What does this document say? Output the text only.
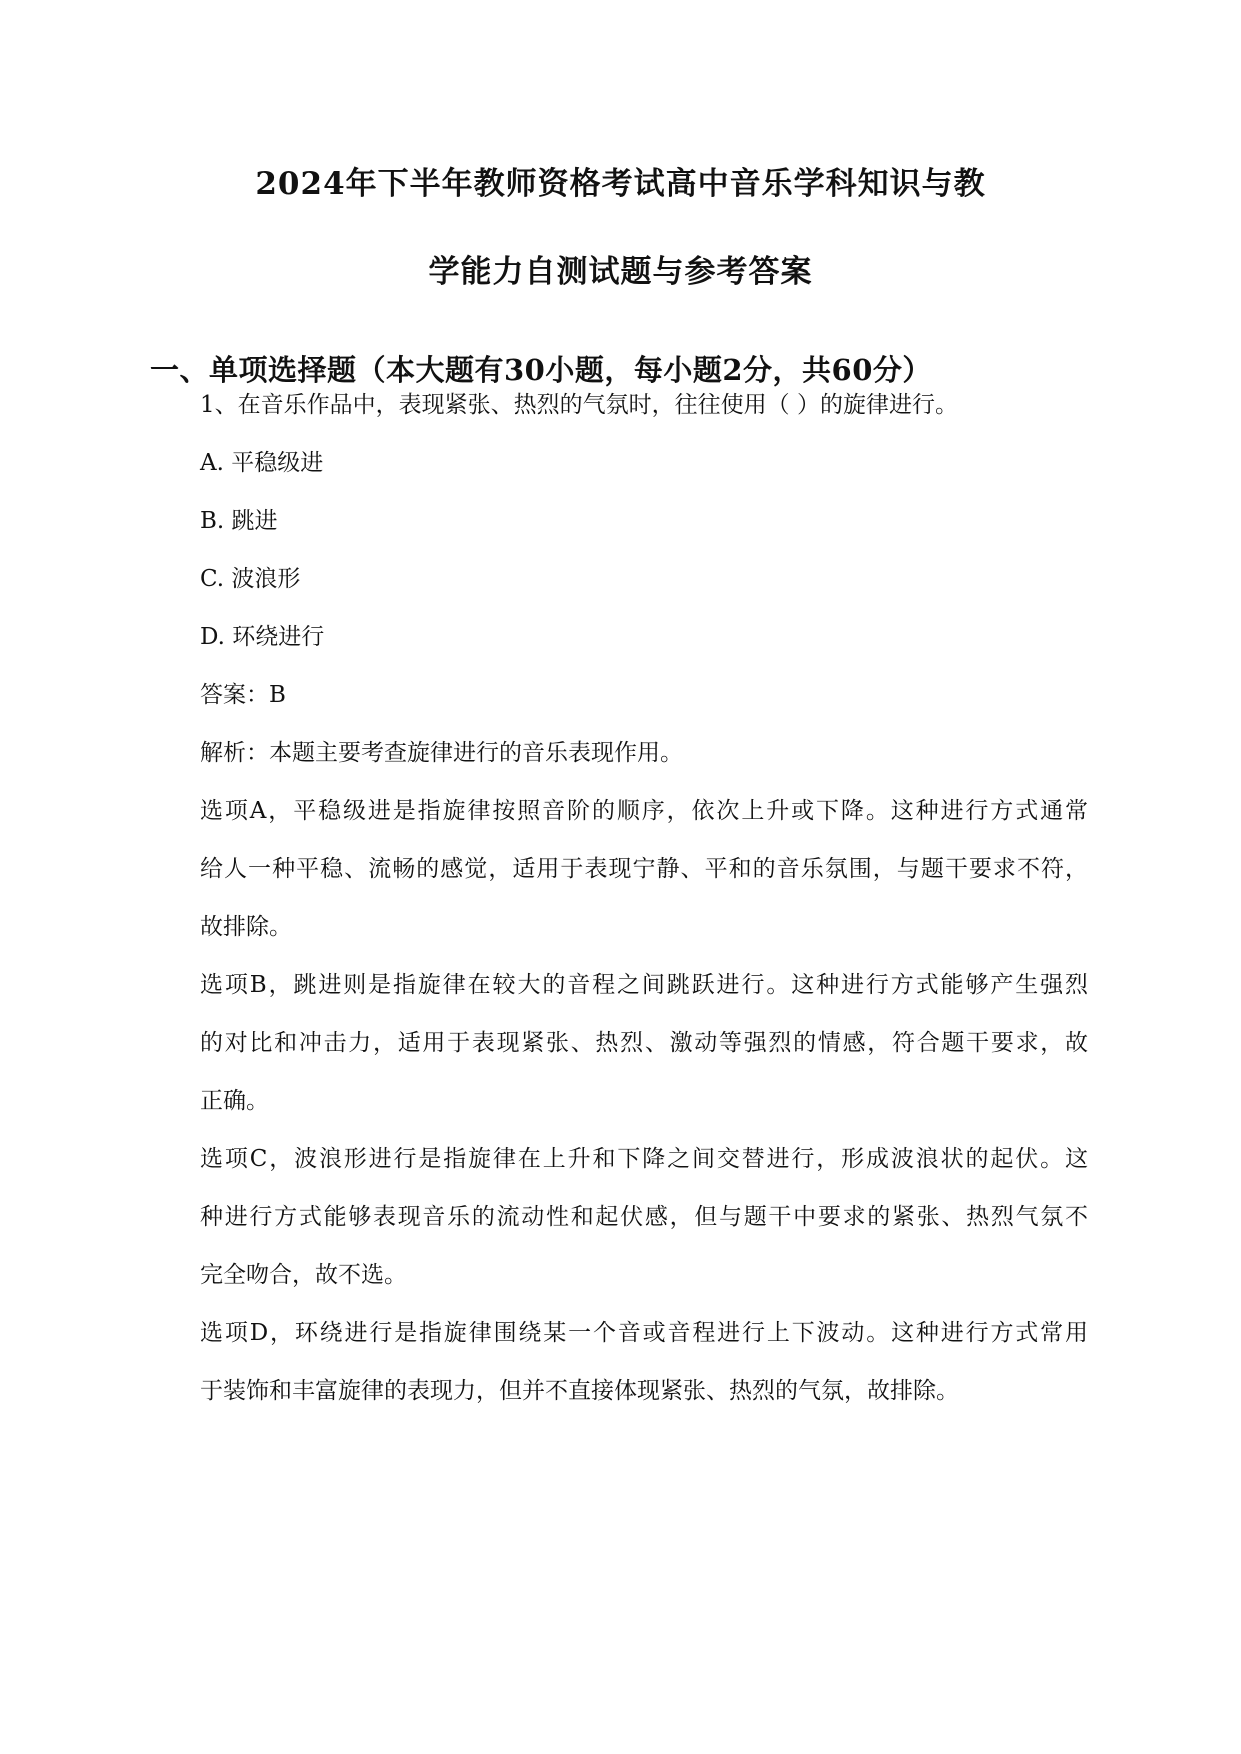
2024年下半年教师资格考试高中音乐学科知识与教
学能力自测试题与参考答案
一、单项选择题（本大题有30小题，每小题2分，共60分）
1、在音乐作品中，表现紧张、热烈的气氛时，往往使用（ ）的旋律进行。
A. 平稳级进
B. 跳进
C. 波浪形
D. 环绕进行
答案：B
解析：本题主要考查旋律进行的音乐表现作用。
选项A，平稳级进是指旋律按照音阶的顺序，依次上升或下降。这种进行方式通常
给人一种平稳、流畅的感觉，适用于表现宁静、平和的音乐氛围，与题干要求不符，
故排除。
选项B，跳进则是指旋律在较大的音程之间跳跃进行。这种进行方式能够产生强烈
的对比和冲击力，适用于表现紧张、热烈、激动等强烈的情感，符合题干要求，故
正确。
选项C，波浪形进行是指旋律在上升和下降之间交替进行，形成波浪状的起伏。这
种进行方式能够表现音乐的流动性和起伏感，但与题干中要求的紧张、热烈气氛不
完全吻合，故不选。
选项D，环绕进行是指旋律围绕某一个音或音程进行上下波动。这种进行方式常用
于装饰和丰富旋律的表现力，但并不直接体现紧张、热烈的气氛，故排除。
